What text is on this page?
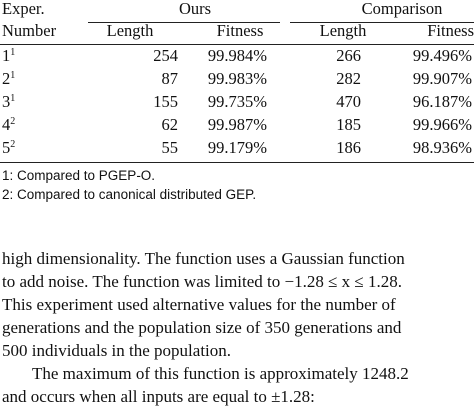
Exper.	Ours	Comparison
Number	Length	Fitness	Length	Fitness
$1^1$	254	99.984%	266	99.496%
$2^1$	87	99.983%	282	99.907%
$3^1$	155	99.735%	470	96.187%
$4^2$	62	99.987%	185	99.966%
$5^2$	55	99.179%	186	98.936%
1: Compared to PGEP-O.
2: Compared to canonical distributed GEP.
high dimensionality. The function uses a Gaussian function
to add noise. The function was limited to −1.28 ≤ x ≤ 1.28.
This experiment used alternative values for the number of
generations and the population size of 350 generations and
500 individuals in the population.
The maximum of this function is approximately 1248.2
and occurs when all inputs are equal to ±1.28:
